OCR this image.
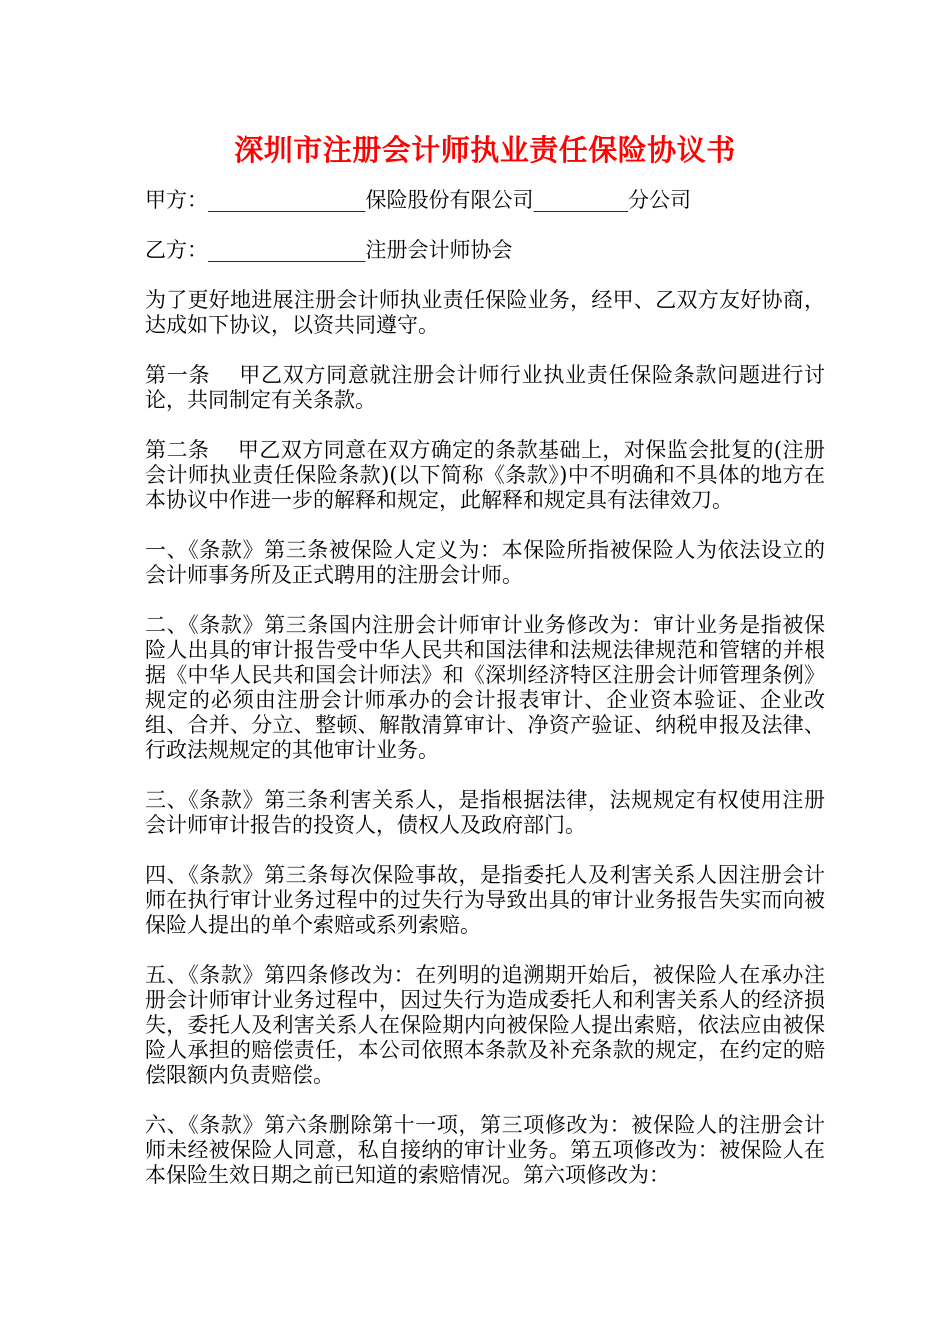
深圳市注册会计师执业责任保险协议书

甲方：_______________保险股份有限公司_________分公司

乙方：_______________注册会计师协会

为了更好地进展注册会计师执业责任保险业务，经甲、乙双方友好协商，达成如下协议，以资共同遵守。

第一条　 甲乙双方同意就注册会计师行业执业责任保险条款问题进行讨论，共同制定有关条款。

第二条　 甲乙双方同意在双方确定的条款基础上，对保监会批复的(注册会计师执业责任保险条款)(以下简称《条款》)中不明确和不具体的地方在本协议中作进一步的解释和规定，此解释和规定具有法律效刀。

一、《条款》第三条被保险人定义为：本保险所指被保险人为依法设立的会计师事务所及正式聘用的注册会计师。

二、《条款》第三条国内注册会计师审计业务修改为：审计业务是指被保险人出具的审计报告受中华人民共和国法律和法规法律规范和管辖的并根据《中华人民共和国会计师法》和《深圳经济特区注册会计师管理条例》规定的必须由注册会计师承办的会计报表审计、企业资本验证、企业改组、合并、分立、整顿、解散清算审计、净资产验证、纳税申报及法律、行政法规规定的其他审计业务。

三、《条款》第三条利害关系人，是指根据法律，法规规定有权使用注册会计师审计报告的投资人，债权人及政府部门。

四、《条款》第三条每次保险事故，是指委托人及利害关系人因注册会计师在执行审计业务过程中的过失行为导致出具的审计业务报告失实而向被保险人提出的单个索赔或系列索赔。

五、《条款》第四条修改为：在列明的追溯期开始后，被保险人在承办注册会计师审计业务过程中，因过失行为造成委托人和利害关系人的经济损失，委托人及利害关系人在保险期内向被保险人提出索赔，依法应由被保险人承担的赔偿责任，本公司依照本条款及补充条款的规定，在约定的赔偿限额内负责赔偿。

六、《条款》第六条删除第十一项，第三项修改为：被保险人的注册会计师未经被保险人同意，私自接纳的审计业务。第五项修改为：被保险人在本保险生效日期之前已知道的索赔情况。第六项修改为：
